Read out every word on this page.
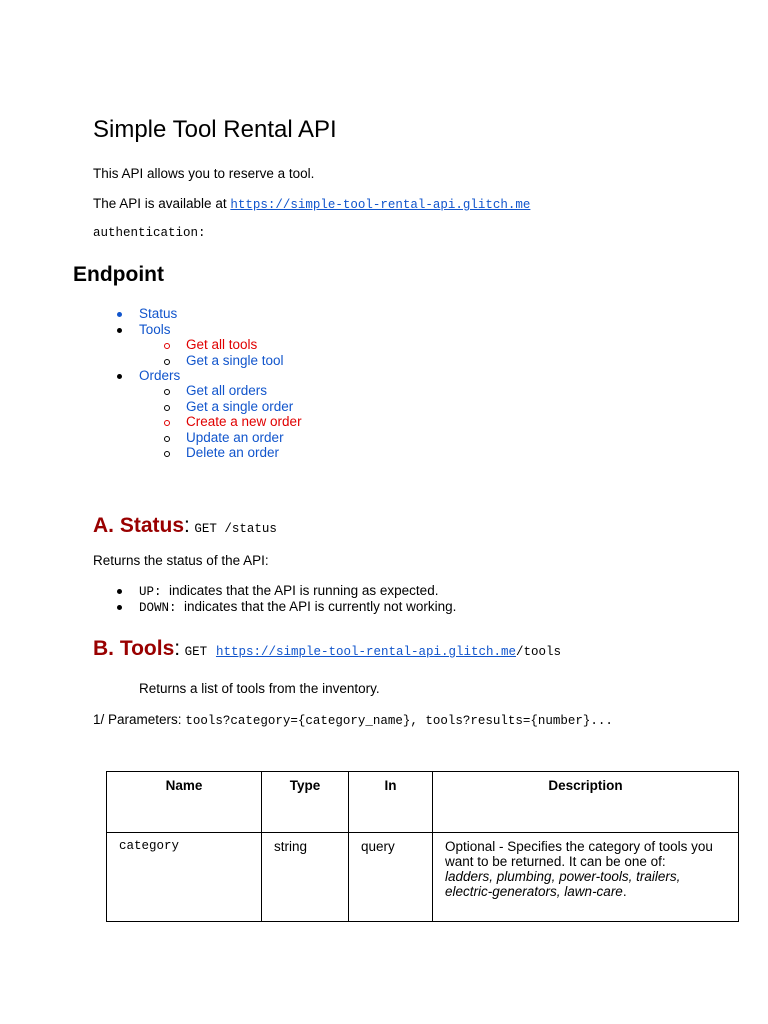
Simple Tool Rental API
This API allows you to reserve a tool.
The API is available at https://simple-tool-rental-api.glitch.me
authentication:
Endpoint
Status
Tools
Get all tools
Get a single tool
Orders
Get all orders
Get a single order
Create a new order
Update an order
Delete an order
A. Status: GET /status
Returns the status of the API:
UP: indicates that the API is running as expected.
DOWN: indicates that the API is currently not working.
B. Tools: GET https://simple-tool-rental-api.glitch.me/tools
Returns a list of tools from the inventory.
1/ Parameters: tools?category={category_name}, tools?results={number}...
Name	Type	In	Description
category	string	query	Optional - Specifies the category of tools you want to be returned. It can be one of:
ladders, plumbing, power-tools, trailers, electric-generators, lawn-care.
